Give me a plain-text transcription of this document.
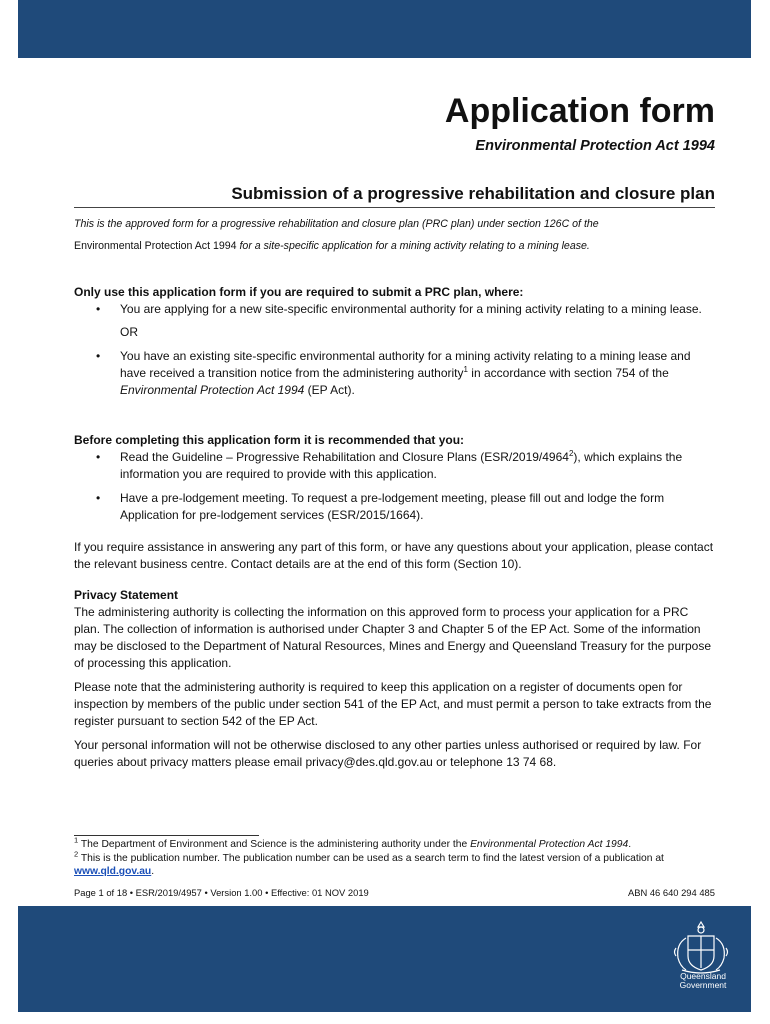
Application form
Environmental Protection Act 1994
Submission of a progressive rehabilitation and closure plan
This is the approved form for a progressive rehabilitation and closure plan (PRC plan) under section 126C of the
Environmental Protection Act 1994 for a site-specific application for a mining activity relating to a mining lease.

Only use this application form if you are required to submit a PRC plan, where:

• You are applying for a new site-specific environmental authority for a mining activity relating to a mining lease.

OR

• You have an existing site-specific environmental authority for a mining activity relating to a mining lease and have received a transition notice from the administering authority$^1$ in accordance with section 754 of the Environmental Protection Act 1994 (EP Act).

Before completing this application form it is recommended that you:

• Read the Guideline – Progressive Rehabilitation and Closure Plans (ESR/2019/4964$^2$), which explains the information you are required to provide with this application.
• Have a pre-lodgement meeting. To request a pre-lodgement meeting, please fill out and lodge the form Application for pre-lodgement services (ESR/2015/1664).

If you require assistance in answering any part of this form, or have any questions about your application, please contact the relevant business centre. Contact details are at the end of this form (Section 10).

Privacy Statement

The administering authority is collecting the information on this approved form to process your application for a PRC plan. The collection of information is authorised under Chapter 3 and Chapter 5 of the EP Act. Some of the information may be disclosed to the Department of Natural Resources, Mines and Energy and Queensland Treasury for the purpose of processing this application.

Please note that the administering authority is required to keep this application on a register of documents open for inspection by members of the public under section 541 of the EP Act, and must permit a person to take extracts from the register pursuant to section 542 of the EP Act.

Your personal information will not be otherwise disclosed to any other parties unless authorised or required by law. For queries about privacy matters please email privacy@des.qld.gov.au or telephone 13 74 68.

$^1$ The Department of Environment and Science is the administering authority under the Environmental Protection Act 1994.
$^2$ This is the publication number. The publication number can be used as a search term to find the latest version of a publication at www.qld.gov.au.
Page 1 of 18 • ESR/2019/4957 • Version 1.00 • Effective: 01 NOV 2019	ABN 46 640 294 485
Queensland
Government
